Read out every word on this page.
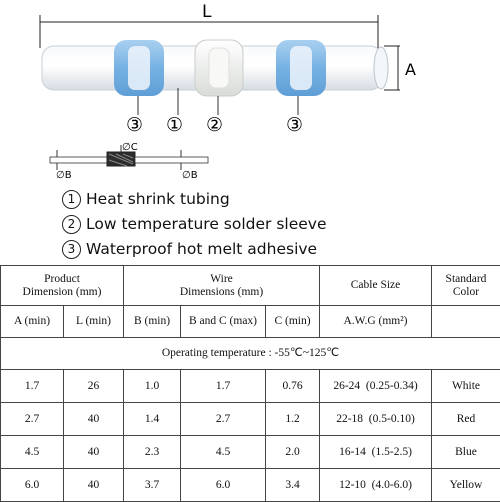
L
A
③ ① ②	③
∅C
∅B	∅B
1 Heat shrink tubing
2 Low temperature solder sleeve
3 Waterproof hot melt adhesive
Product
Dimension (mm)		Wire
Dimensions (mm)			Cable Size	Standard
Color
A (min)	L (min)	B (min)	B and C (max)	C (min)	A.W.G (mm²)	
Operating temperature : -55℃~125℃						
1.7	26	1.0	1.7	0.76	26-24 (0.25-0.34)	White
2.7	40	1.4	2.7	1.2	22-18 (0.5-0.10)	Red
4.5	40	2.3	4.5	2.0	16-14 (1.5-2.5)	Blue
6.0	40	3.7	6.0	3.4	12-10 (4.0-6.0)	Yellow
